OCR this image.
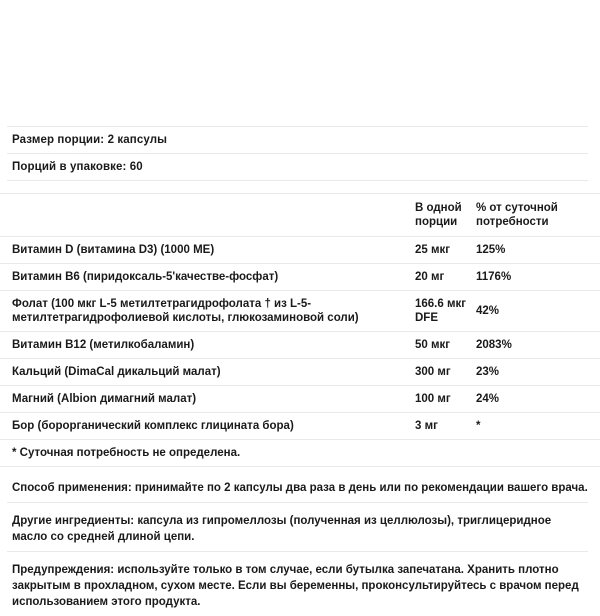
Размер порции: 2 капсулы
Порций в упаковке: 60
	В одной порции	% от суточной потребности
Витамин D (витамина D3) (1000 МЕ)	25 мкг	125%
Витамин B6 (пиридоксаль-5'качестве-фосфат)	20 мг	1176%
Фолат (100 мкг L-5 метилтетрагидрофолата † из L-5-метилтетрагидрофолиевой кислоты, глюкозаминовой соли)	166.6 мкг DFE	42%
Витамин B12 (метилкобаламин)	50 мкг	2083%
Кальций (DimaCal дикальций малат)	300 мг	23%
Магний (Albion димагний малат)	100 мг	24%
Бор (борорганический комплекс глицината бора)	3 мг	*
* Суточная потребность не определена.
Способ применения: принимайте по 2 капсулы два раза в день или по рекомендации вашего врача.
Другие ингредиенты: капсула из гипромеллозы (полученная из целлюлозы), триглицеридное масло со средней длиной цепи.
Предупреждения: используйте только в том случае, если бутылка запечатана. Хранить плотно закрытым в прохладном, сухом месте. Если вы беременны, проконсультируйтесь с врачом перед использованием этого продукта.
